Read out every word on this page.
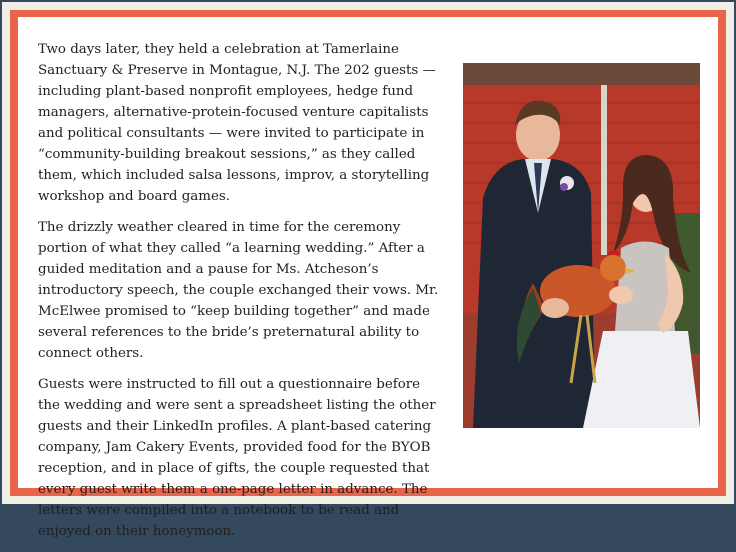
Two days later, they held a celebration at Tamerlaine Sanctuary & Preserve in Montague, N.J. The 202 guests — including plant-based nonprofit employees, hedge fund managers, alternative-protein-focused venture capitalists and political consultants — were invited to participate in “community-building breakout sessions,” as they called them, which included salsa lessons, improv, a storytelling workshop and board games.

The drizzly weather cleared in time for the ceremony portion of what they called “a learning wedding.” After a guided meditation and a pause for Ms. Atcheson’s introductory speech, the couple exchanged their vows. Mr. McElwee promised to “keep building together” and made several references to the bride’s preternatural ability to connect others.

Guests were instructed to fill out a questionnaire before the wedding and were sent a spreadsheet listing the other guests and their LinkedIn profiles. A plant-based catering company, Jam Cakery Events, provided food for the BYOB reception, and in place of gifts, the couple requested that every guest write them a one-page letter in advance. The letters were compiled into a notebook to be read and enjoyed on their honeymoon.
